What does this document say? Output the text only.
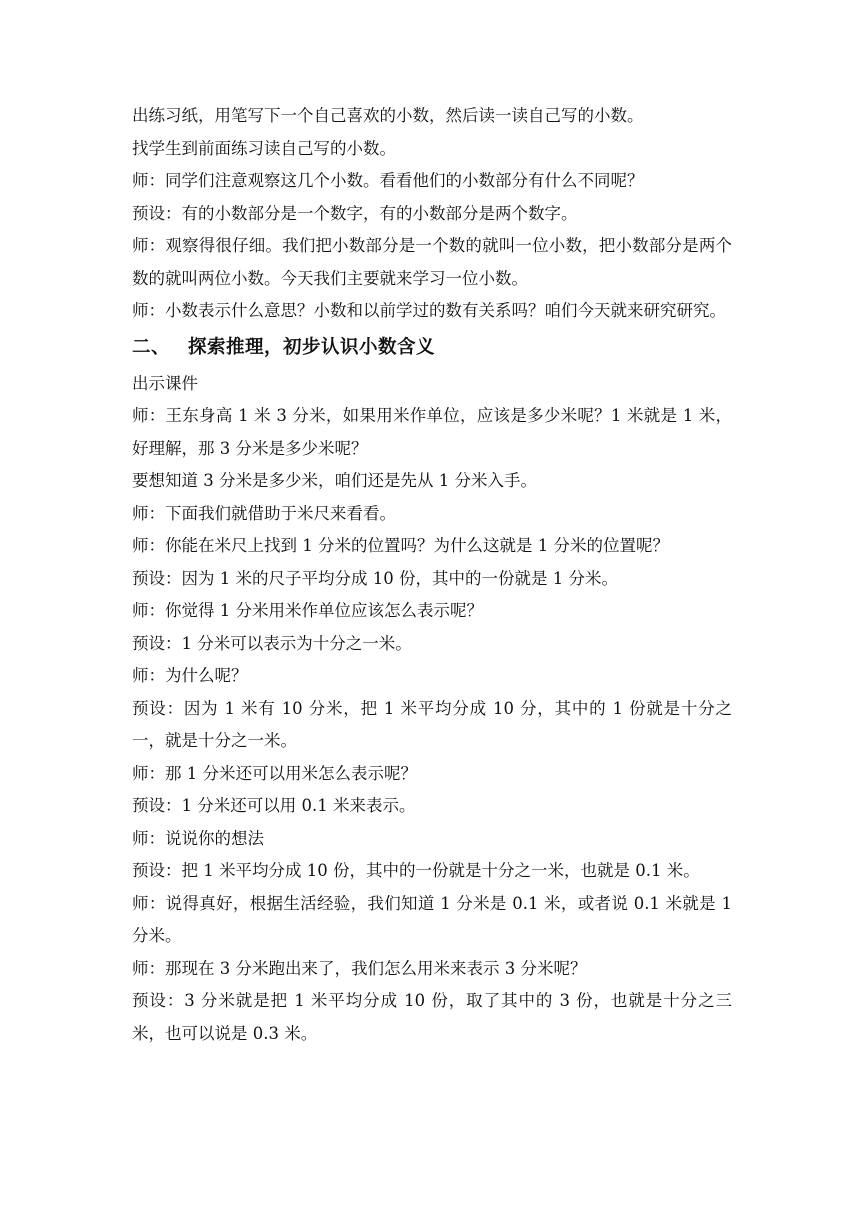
出练习纸，用笔写下一个自己喜欢的小数，然后读一读自己写的小数。

找学生到前面练习读自己写的小数。

师：同学们注意观察这几个小数。看看他们的小数部分有什么不同呢？

预设：有的小数部分是一个数字，有的小数部分是两个数字。

师：观察得很仔细。我们把小数部分是一个数的就叫一位小数，把小数部分是两个数的就叫两位小数。今天我们主要就来学习一位小数。

师：小数表示什么意思？小数和以前学过的数有关系吗？咱们今天就来研究研究。

二、 探索推理，初步认识小数含义

出示课件

师：王东身高 1 米 3 分米，如果用米作单位，应该是多少米呢？1 米就是 1 米，好理解，那 3 分米是多少米呢？

要想知道 3 分米是多少米，咱们还是先从 1 分米入手。

师：下面我们就借助于米尺来看看。

师：你能在米尺上找到 1 分米的位置吗？为什么这就是 1 分米的位置呢？

预设：因为 1 米的尺子平均分成 10 份，其中的一份就是 1 分米。

师：你觉得 1 分米用米作单位应该怎么表示呢？

预设：1 分米可以表示为十分之一米。

师：为什么呢？

预设：因为 1 米有 10 分米，把 1 米平均分成 10 分，其中的 1 份就是十分之一，就是十分之一米。

师：那 1 分米还可以用米怎么表示呢？

预设：1 分米还可以用 0.1 米来表示。

师：说说你的想法

预设：把 1 米平均分成 10 份，其中的一份就是十分之一米，也就是 0.1 米。

师：说得真好，根据生活经验，我们知道 1 分米是 0.1 米，或者说 0.1 米就是 1 分米。

师：那现在 3 分米跑出来了，我们怎么用米来表示 3 分米呢？

预设：3 分米就是把 1 米平均分成 10 份，取了其中的 3 份，也就是十分之三米，也可以说是 0.3 米。
